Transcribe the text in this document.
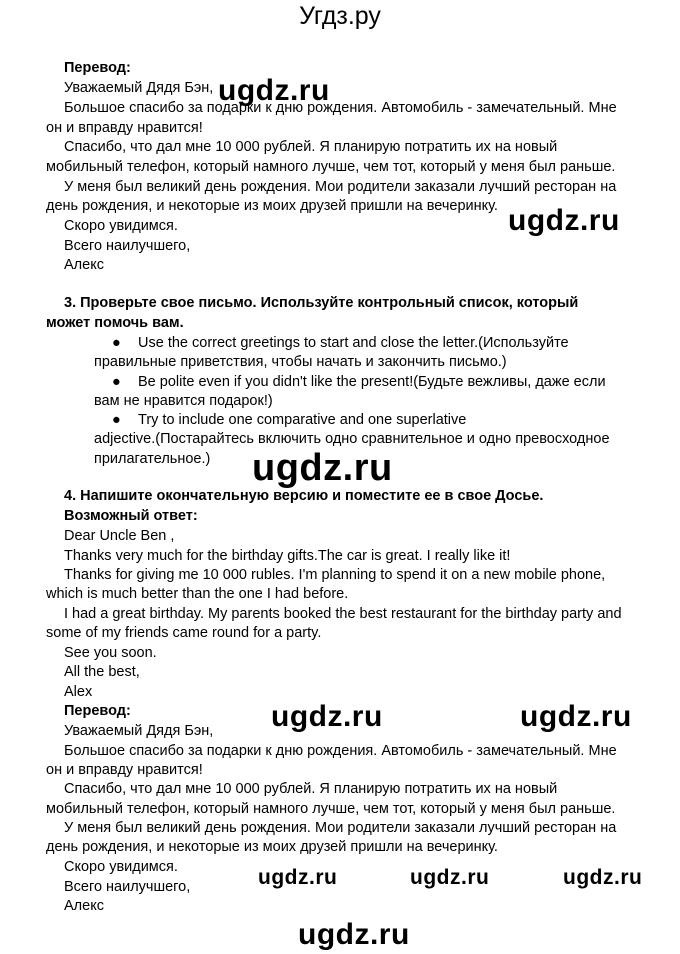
Угдз.ру
Перевод:
Уважаемый Дядя Бэн,
Большое спасибо за подарки к дню рождения. Автомобиль - замечательный. Мне
он и вправду нравится!
Спасибо, что дал мне 10 000 рублей. Я планирую потратить их на новый
мобильный телефон, который намного лучше, чем тот, который у меня был раньше.
У меня был великий день рождения. Мои родители заказали лучший ресторан на
день рождения, и некоторые из моих друзей пришли на вечеринку.
Скоро увидимся.
Всего наилучшего,
Алекс
3. Проверьте свое письмо. Используйте контрольный список, который
может помочь вам.
● Use the correct greetings to start and close the letter.(Используйте
правильные приветствия, чтобы начать и закончить письмо.)
● Be polite even if you didn't like the present!(Будьте вежливы, даже если
вам не нравится подарок!)
● Try to include one comparative and one superlative
adjective.(Постарайтесь включить одно сравнительное и одно превосходное
прилагательное.)
4. Напишите окончательную версию и поместите ее в свое Досье.
Возможный ответ:
Dear Uncle Ben ,
Thanks very much for the birthday gifts.The car is great. I really like it!
Thanks for giving me 10 000 rubles. I'm planning to spend it on a new mobile phone,
which is much better than the one I had before.
I had a great birthday. My parents booked the best restaurant for the birthday party and
some of my friends came round for a party.
See you soon.
All the best,
Alex
Перевод:
Уважаемый Дядя Бэн,
Большое спасибо за подарки к дню рождения. Автомобиль - замечательный. Мне
он и вправду нравится!
Спасибо, что дал мне 10 000 рублей. Я планирую потратить их на новый
мобильный телефон, который намного лучше, чем тот, который у меня был раньше.
У меня был великий день рождения. Мои родители заказали лучший ресторан на
день рождения, и некоторые из моих друзей пришли на вечеринку.
Скоро увидимся.
Всего наилучшего,
Алекс
ugdz.ru
ugdz.ru
ugdz.ru
ugdz.ru	ugdz.ru
ugdz.ru	ugdz.ru	ugdz.ru
ugdz.ru
